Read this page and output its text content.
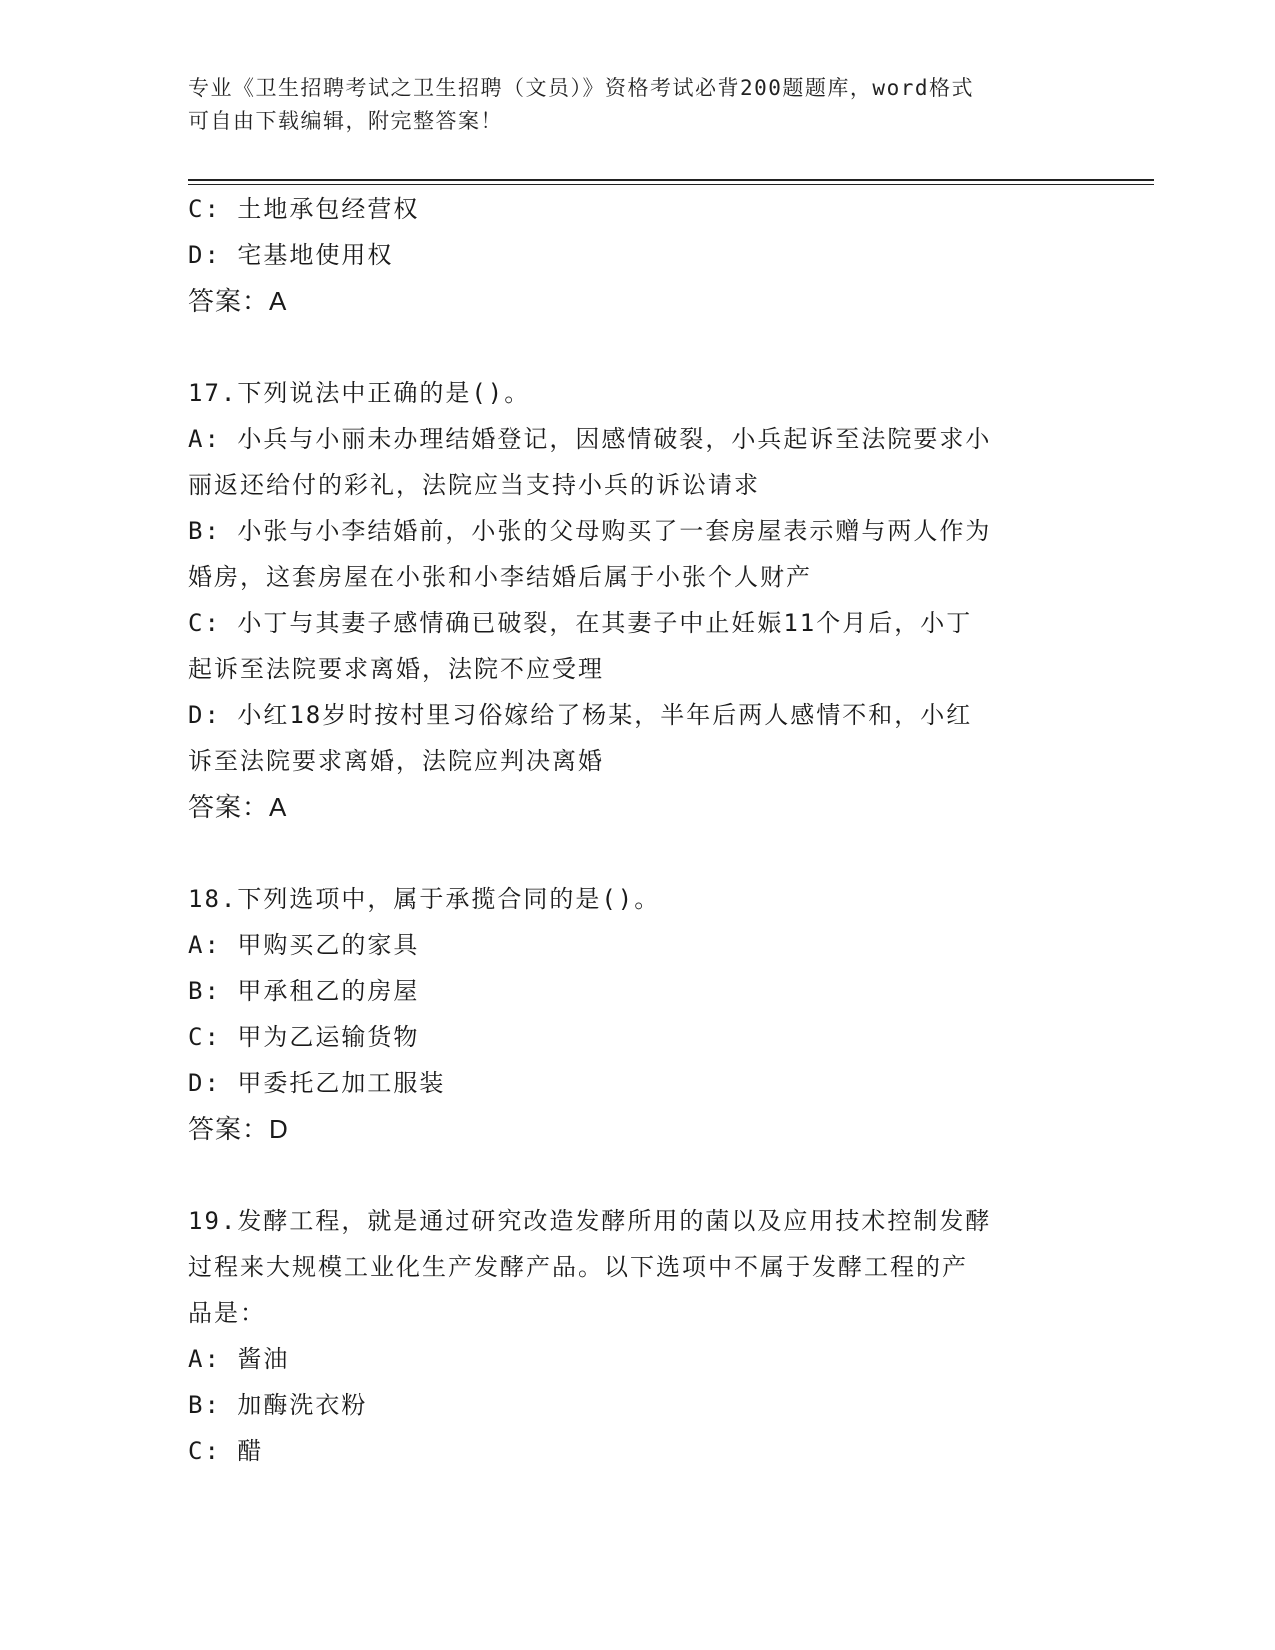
专业《卫生招聘考试之卫生招聘（文员）》资格考试必背200题题库，word格式
可自由下载编辑，附完整答案！
C: 土地承包经营权
D: 宅基地使用权
答案：A
17.下列说法中正确的是()。
A: 小兵与小丽未办理结婚登记，因感情破裂，小兵起诉至法院要求小
丽返还给付的彩礼，法院应当支持小兵的诉讼请求
B: 小张与小李结婚前，小张的父母购买了一套房屋表示赠与两人作为
婚房，这套房屋在小张和小李结婚后属于小张个人财产
C: 小丁与其妻子感情确已破裂，在其妻子中止妊娠11个月后，小丁
起诉至法院要求离婚，法院不应受理
D: 小红18岁时按村里习俗嫁给了杨某，半年后两人感情不和，小红
诉至法院要求离婚，法院应判决离婚
答案：A
18.下列选项中，属于承揽合同的是()。
A: 甲购买乙的家具
B: 甲承租乙的房屋
C: 甲为乙运输货物
D: 甲委托乙加工服装
答案：D
19.发酵工程，就是通过研究改造发酵所用的菌以及应用技术控制发酵
过程来大规模工业化生产发酵产品。以下选项中不属于发酵工程的产
品是：
A: 酱油
B: 加酶洗衣粉
C: 醋
